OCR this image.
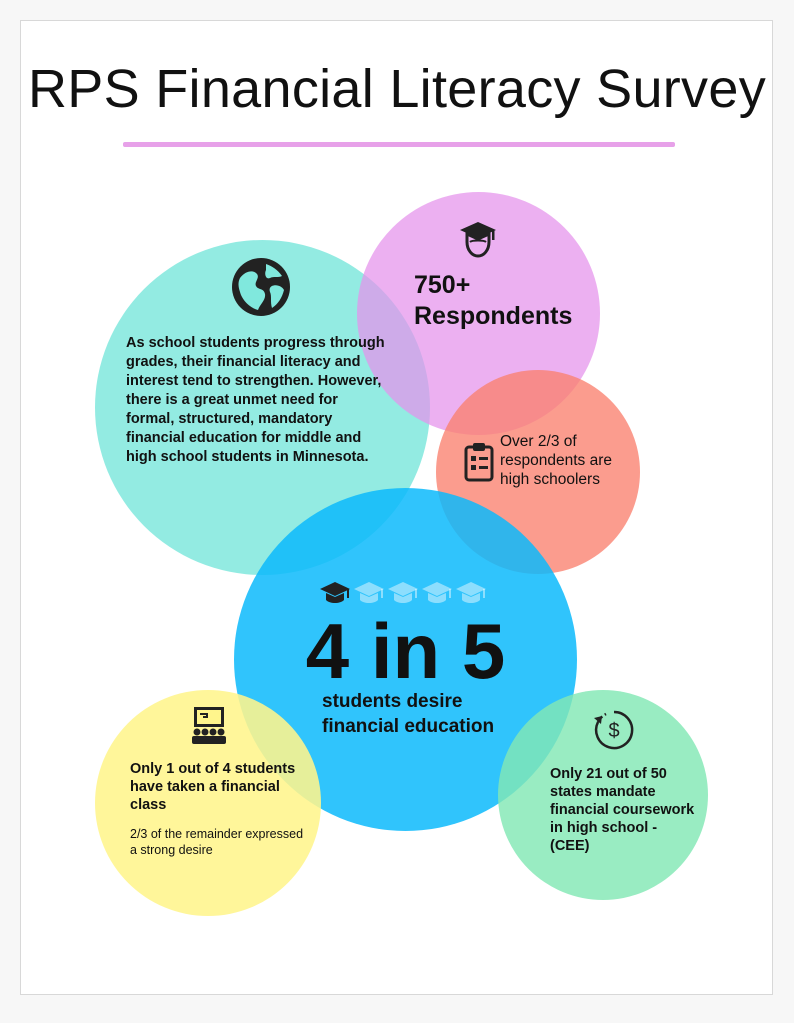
RPS Financial Literacy Survey
$

As school students progress through grades, their financial literacy and interest tend to strengthen. However, there is a great unmet need for formal, structured, mandatory financial education for middle and high school students in Minnesota.

750+ Respondents

Over 2/3 of respondents are high schoolers

4 in 5

students desire financial education

Only 1 out of 4 students have taken a financial class

2/3 of the remainder expressed a strong desire

Only 21 out of 50 states mandate financial coursework in high school - (CEE)
